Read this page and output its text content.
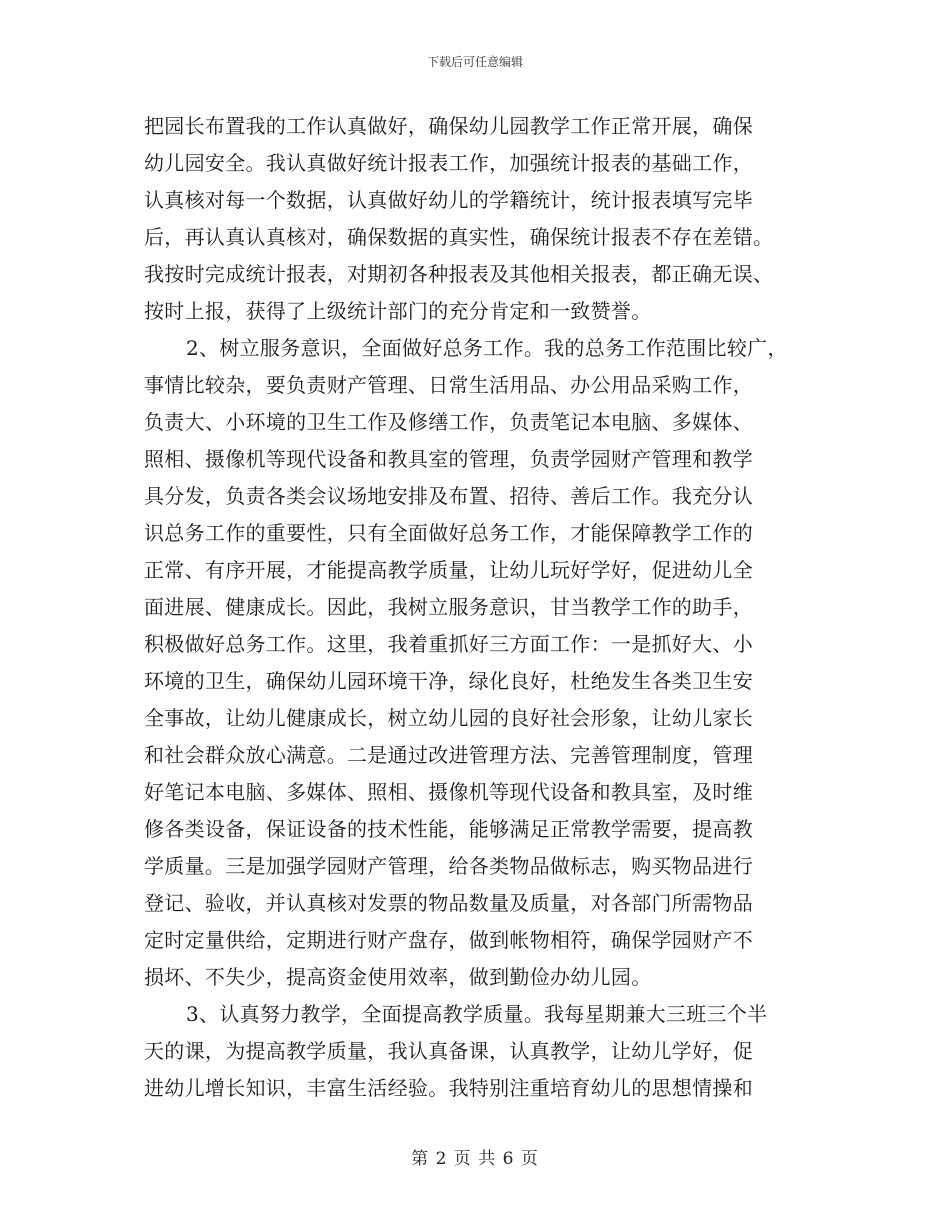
下载后可任意编辑
把园长布置我的工作认真做好，确保幼儿园教学工作正常开展，确保
幼儿园安全。我认真做好统计报表工作，加强统计报表的基础工作，
认真核对每一个数据，认真做好幼儿的学籍统计，统计报表填写完毕
后，再认真认真核对，确保数据的真实性，确保统计报表不存在差错。
我按时完成统计报表，对期初各种报表及其他相关报表，都正确无误、
按时上报，获得了上级统计部门的充分肯定和一致赞誉。
2、树立服务意识，全面做好总务工作。我的总务工作范围比较广，
事情比较杂，要负责财产管理、日常生活用品、办公用品采购工作，
负责大、小环境的卫生工作及修缮工作，负责笔记本电脑、多媒体、
照相、摄像机等现代设备和教具室的管理，负责学园财产管理和教学
具分发，负责各类会议场地安排及布置、招待、善后工作。我充分认
识总务工作的重要性，只有全面做好总务工作，才能保障教学工作的
正常、有序开展，才能提高教学质量，让幼儿玩好学好，促进幼儿全
面进展、健康成长。因此，我树立服务意识，甘当教学工作的助手，
积极做好总务工作。这里，我着重抓好三方面工作：一是抓好大、小
环境的卫生，确保幼儿园环境干净，绿化良好，杜绝发生各类卫生安
全事故，让幼儿健康成长，树立幼儿园的良好社会形象，让幼儿家长
和社会群众放心满意。二是通过改进管理方法、完善管理制度，管理
好笔记本电脑、多媒体、照相、摄像机等现代设备和教具室，及时维
修各类设备，保证设备的技术性能，能够满足正常教学需要，提高教
学质量。三是加强学园财产管理，给各类物品做标志，购买物品进行
登记、验收，并认真核对发票的物品数量及质量，对各部门所需物品
定时定量供给，定期进行财产盘存，做到帐物相符，确保学园财产不
损坏、不失少，提高资金使用效率，做到勤俭办幼儿园。
3、认真努力教学，全面提高教学质量。我每星期兼大三班三个半
天的课，为提高教学质量，我认真备课，认真教学，让幼儿学好，促
进幼儿增长知识，丰富生活经验。我特别注重培育幼儿的思想情操和
第 2 页 共 6 页
